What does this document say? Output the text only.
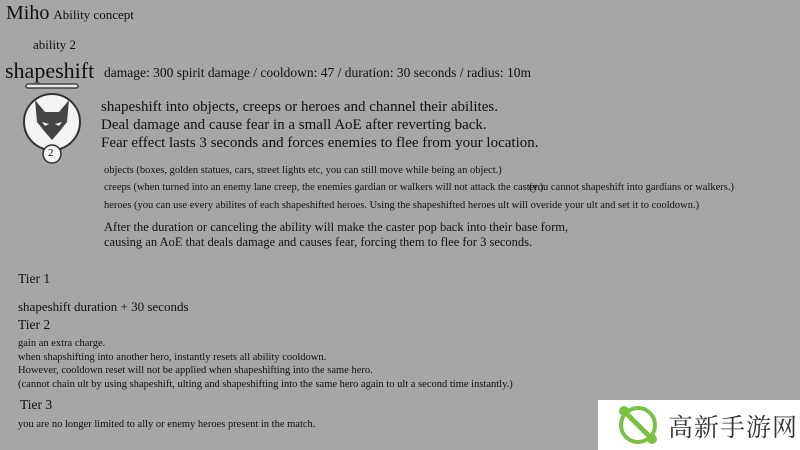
Miho Ability concept
ability 2
shapeshift damage: 300 spirit damage / cooldown: 47 / duration: 30 seconds / radius: 10m
2
shapeshift into objects, creeps or heroes and channel their abilites.
Deal damage and cause fear in a small AoE after reverting back.
Fear effect lasts 3 seconds and forces enemies to flee from your location.
objects (boxes, golden statues, cars, street lights etc, you can still move while being an object.)
creeps (when turned into an enemy lane creep, the enemies gardian or walkers will not attack the caster.)
(you cannot shapeshift into gardians or walkers.)
heroes (you can use every abilites of each shapeshifted heroes. Using the shapeshifted heroes ult will overide your ult and set it to cooldown.)
After the duration or canceling the ability will make the caster pop back into their base form,
causing an AoE that deals damage and causes fear, forcing them to flee for 3 seconds.
Tier 1
shapeshift duration + 30 seconds
Tier 2
gain an extra charge.
when shapshifting into another hero, instantly resets all ability cooldown.
However, cooldown reset will not be applied when shapeshifting into the same hero.
(cannot chain ult by using shapeshift, ulting and shapeshifting into the same hero again to ult a second time instantly.)
Tier 3
you are no longer limited to ally or enemy heroes present in the match.	高新手游网
